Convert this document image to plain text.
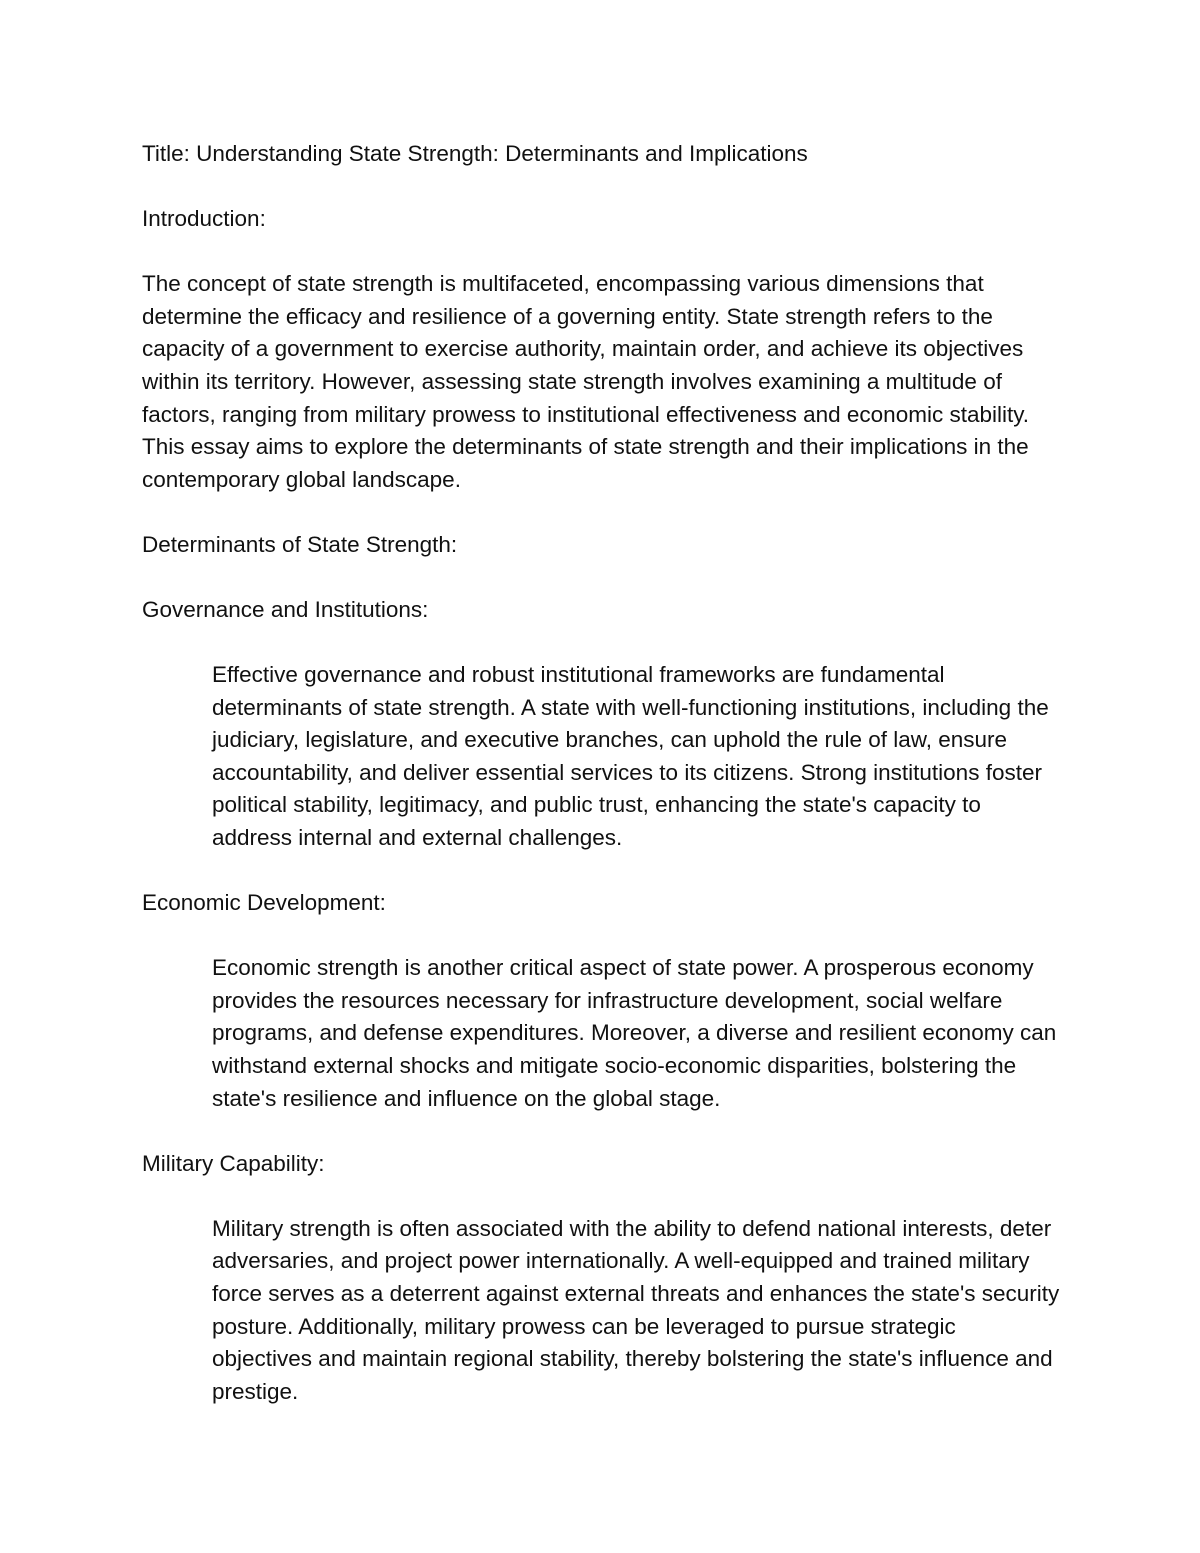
Title: Understanding State Strength: Determinants and Implications

Introduction:

The concept of state strength is multifaceted, encompassing various dimensions that determine the efficacy and resilience of a governing entity. State strength refers to the capacity of a government to exercise authority, maintain order, and achieve its objectives within its territory. However, assessing state strength involves examining a multitude of factors, ranging from military prowess to institutional effectiveness and economic stability. This essay aims to explore the determinants of state strength and their implications in the contemporary global landscape.

Determinants of State Strength:

Governance and Institutions:

Effective governance and robust institutional frameworks are fundamental determinants of state strength. A state with well-functioning institutions, including the judiciary, legislature, and executive branches, can uphold the rule of law, ensure accountability, and deliver essential services to its citizens. Strong institutions foster political stability, legitimacy, and public trust, enhancing the state's capacity to address internal and external challenges.

Economic Development:

Economic strength is another critical aspect of state power. A prosperous economy provides the resources necessary for infrastructure development, social welfare programs, and defense expenditures. Moreover, a diverse and resilient economy can withstand external shocks and mitigate socio-economic disparities, bolstering the state's resilience and influence on the global stage.

Military Capability:

Military strength is often associated with the ability to defend national interests, deter adversaries, and project power internationally. A well-equipped and trained military force serves as a deterrent against external threats and enhances the state's security posture. Additionally, military prowess can be leveraged to pursue strategic objectives and maintain regional stability, thereby bolstering the state's influence and prestige.
